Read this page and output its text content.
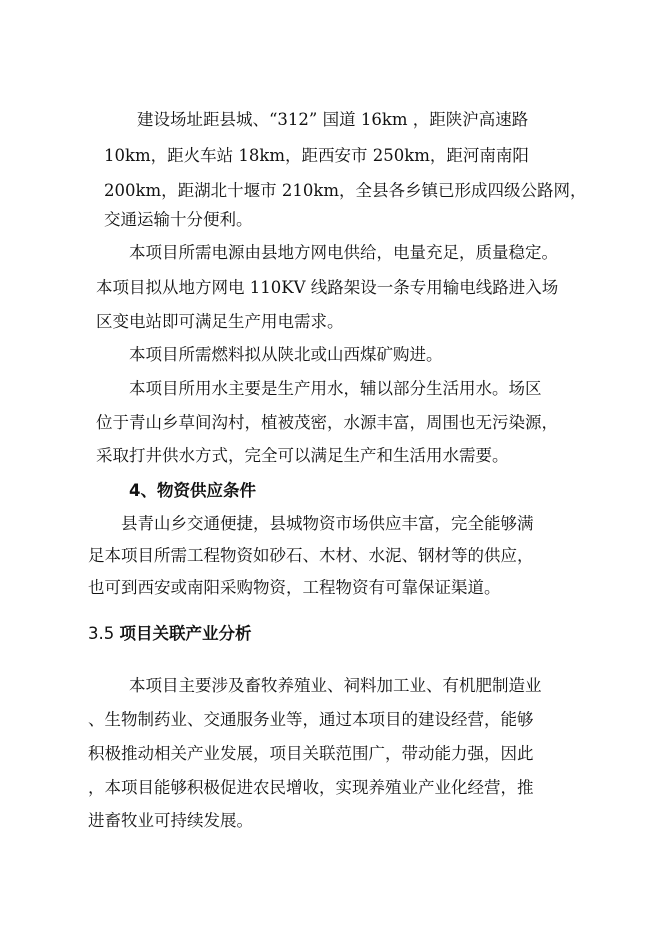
建设场址距县城、“312” 国道 16km ，距陕沪高速路
10km，距火车站 18km，距西安市 250km，距河南南阳
200km，距湖北十堰市 210km，全县各乡镇已形成四级公路网，
交通运输十分便利。
本项目所需电源由县地方网电供给，电量充足，质量稳定。
本项目拟从地方网电 110KV 线路架设一条专用输电线路进入场
区变电站即可满足生产用电需求。
本项目所需燃料拟从陕北或山西煤矿购进。
本项目所用水主要是生产用水，辅以部分生活用水。场区
位于青山乡草间沟村，植被茂密，水源丰富，周围也无污染源，
采取打井供水方式，完全可以满足生产和生活用水需要。
4、物资供应条件
县青山乡交通便捷，县城物资市场供应丰富，完全能够满
足本项目所需工程物资如砂石、木材、水泥、钢材等的供应，
也可到西安或南阳采购物资，工程物资有可靠保证渠道。
3.5 项目关联产业分析
本项目主要涉及畜牧养殖业、祠料加工业、有机肥制造业
、生物制药业、交通服务业等，通过本项目的建设经营，能够
积极推动相关产业发展，项目关联范围广，带动能力强，因此
，本项目能够积极促进农民增收，实现养殖业产业化经营，推
进畜牧业可持续发展。
